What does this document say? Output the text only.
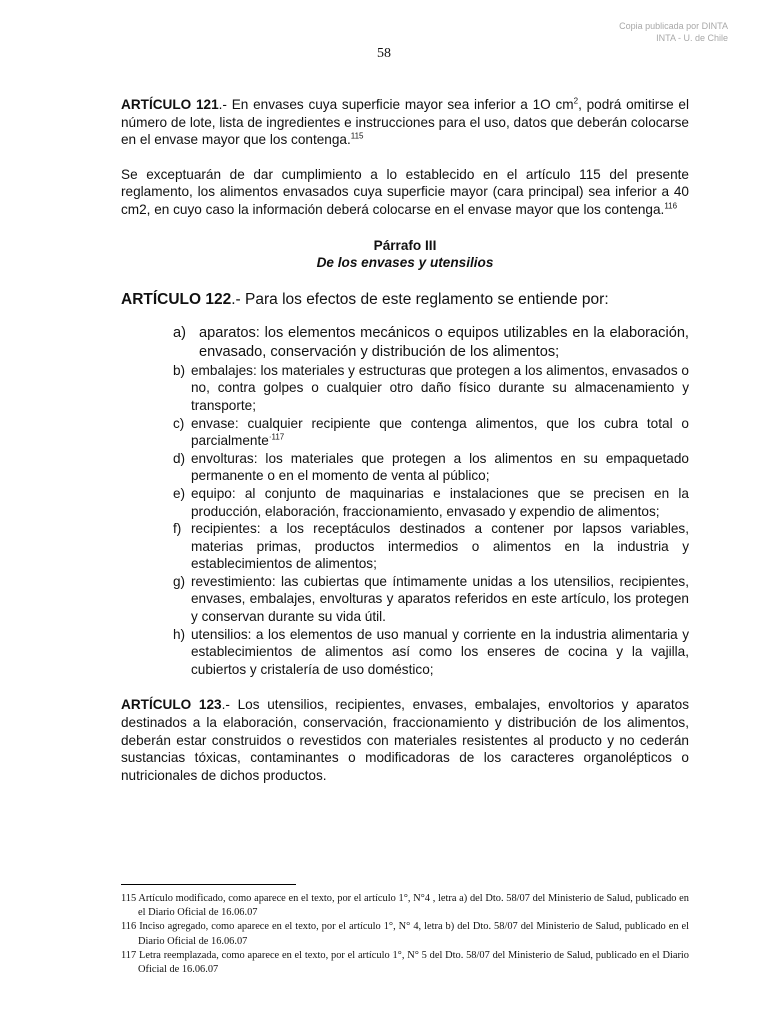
Copia publicada por DINTA
INTA - U. de Chile
58

ARTÍCULO 121.- En envases cuya superficie mayor sea inferior a 1O $cm^2$, podrá omitirse el número de lote, lista de ingredientes e instrucciones para el uso, datos que deberán colocarse en el envase mayor que los contenga.$^{115}$

Se exceptuarán de dar cumplimiento a lo establecido en el artículo 115 del presente reglamento, los alimentos envasados cuya superficie mayor (cara principal) sea inferior a 40 cm2, en cuyo caso la información deberá colocarse en el envase mayor que los contenga.$^{116}$

Párrafo III
De los envases y utensilios

ARTÍCULO 122.- Para los efectos de este reglamento se entiende por:

a) aparatos: los elementos mecánicos o equipos utilizables en la elaboración, envasado, conservación y distribución de los alimentos;
b) embalajes: los materiales y estructuras que protegen a los alimentos, envasados o no, contra golpes o cualquier otro daño físico durante su almacenamiento y transporte;
c) envase: cualquier recipiente que contenga alimentos, que los cubra total o parcialmente$^{\cdot 117}$
d) envolturas: los materiales que protegen a los alimentos en su empaquetado permanente o en el momento de venta al público;
e) equipo: al conjunto de maquinarias e instalaciones que se precisen en la producción, elaboración, fraccionamiento, envasado y expendio de alimentos;
f) recipientes: a los receptáculos destinados a contener por lapsos variables, materias primas, productos intermedios o alimentos en la industria y establecimientos de alimentos;
g) revestimiento: las cubiertas que íntimamente unidas a los utensilios, recipientes, envases, embalajes, envolturas y aparatos referidos en este artículo, los protegen y conservan durante su vida útil.
h) utensilios: a los elementos de uso manual y corriente en la industria alimentaria y establecimientos de alimentos así como los enseres de cocina y la vajilla, cubiertos y cristalería de uso doméstico;

ARTÍCULO 123.- Los utensilios, recipientes, envases, embalajes, envoltorios y aparatos destinados a la elaboración, conservación, fraccionamiento y distribución de los alimentos, deberán estar construidos o revestidos con materiales resistentes al producto y no cederán sustancias tóxicas, contaminantes o modificadoras de los caracteres organolépticos o nutricionales de dichos productos.

115 Artículo modificado, como aparece en el texto, por el artículo 1°, N°4 , letra a) del Dto. 58/07 del Ministerio de Salud, publicado en el Diario Oficial de 16.06.07
116 Inciso agregado, como aparece en el texto, por el artículo 1°, N° 4, letra b) del Dto. 58/07 del Ministerio de Salud, publicado en el Diario Oficial de 16.06.07
117 Letra reemplazada, como aparece en el texto, por el artículo 1°, N° 5 del Dto. 58/07 del Ministerio de Salud, publicado en el Diario Oficial de 16.06.07
